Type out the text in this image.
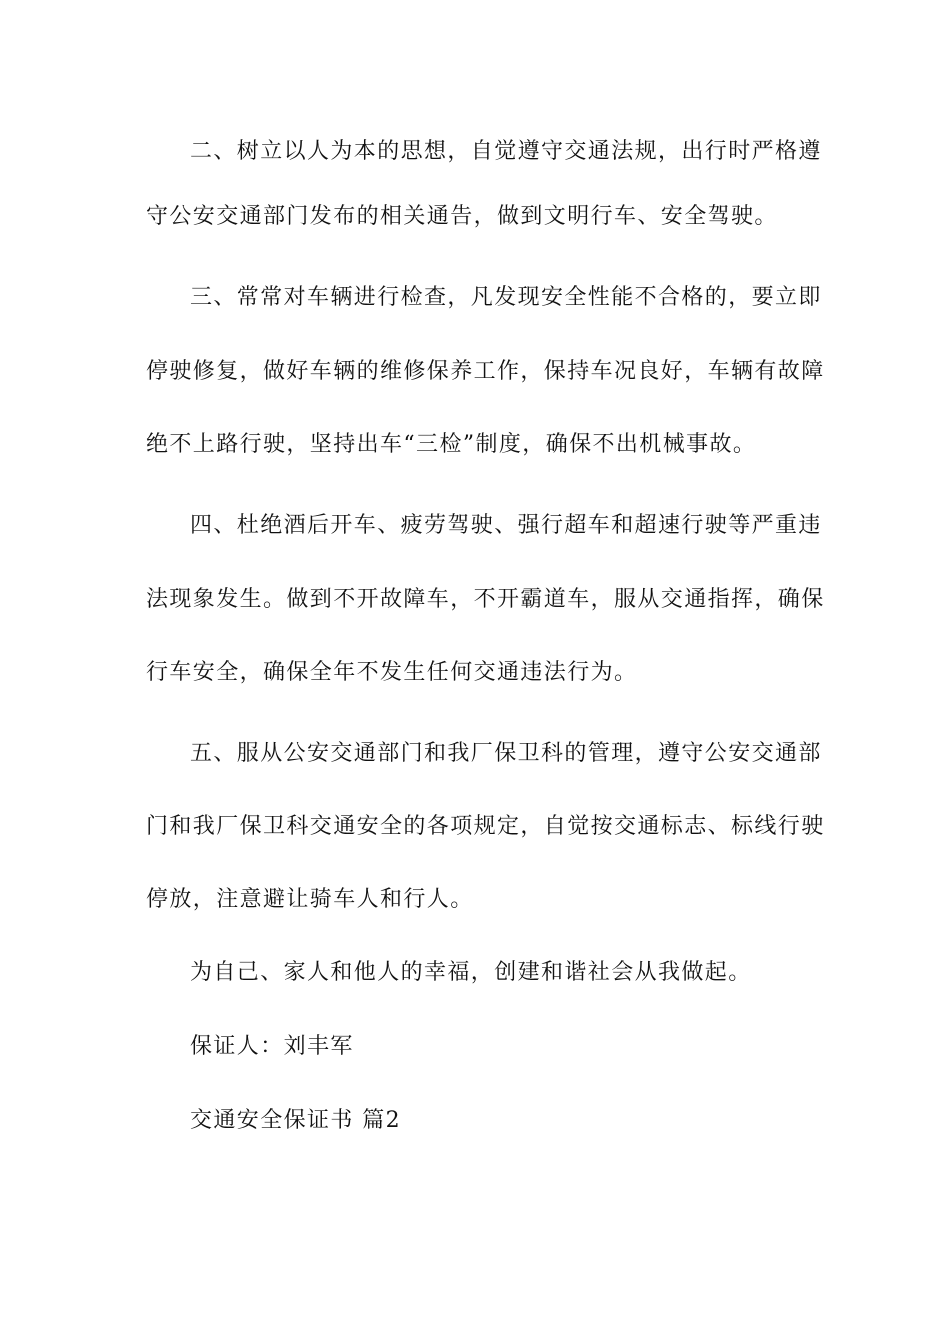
二、树立以人为本的思想，自觉遵守交通法规，出行时严格遵
守公安交通部门发布的相关通告，做到文明行车、安全驾驶。
三、常常对车辆进行检查，凡发现安全性能不合格的，要立即
停驶修复，做好车辆的维修保养工作，保持车况良好，车辆有故障
绝不上路行驶，坚持出车“三检”制度，确保不出机械事故。
四、杜绝酒后开车、疲劳驾驶、强行超车和超速行驶等严重违
法现象发生。做到不开故障车，不开霸道车，服从交通指挥，确保
行车安全，确保全年不发生任何交通违法行为。
五、服从公安交通部门和我厂保卫科的管理，遵守公安交通部
门和我厂保卫科交通安全的各项规定，自觉按交通标志、标线行驶
停放，注意避让骑车人和行人。
为自己、家人和他人的幸福，创建和谐社会从我做起。
保证人：刘丰军
交通安全保证书 篇2
